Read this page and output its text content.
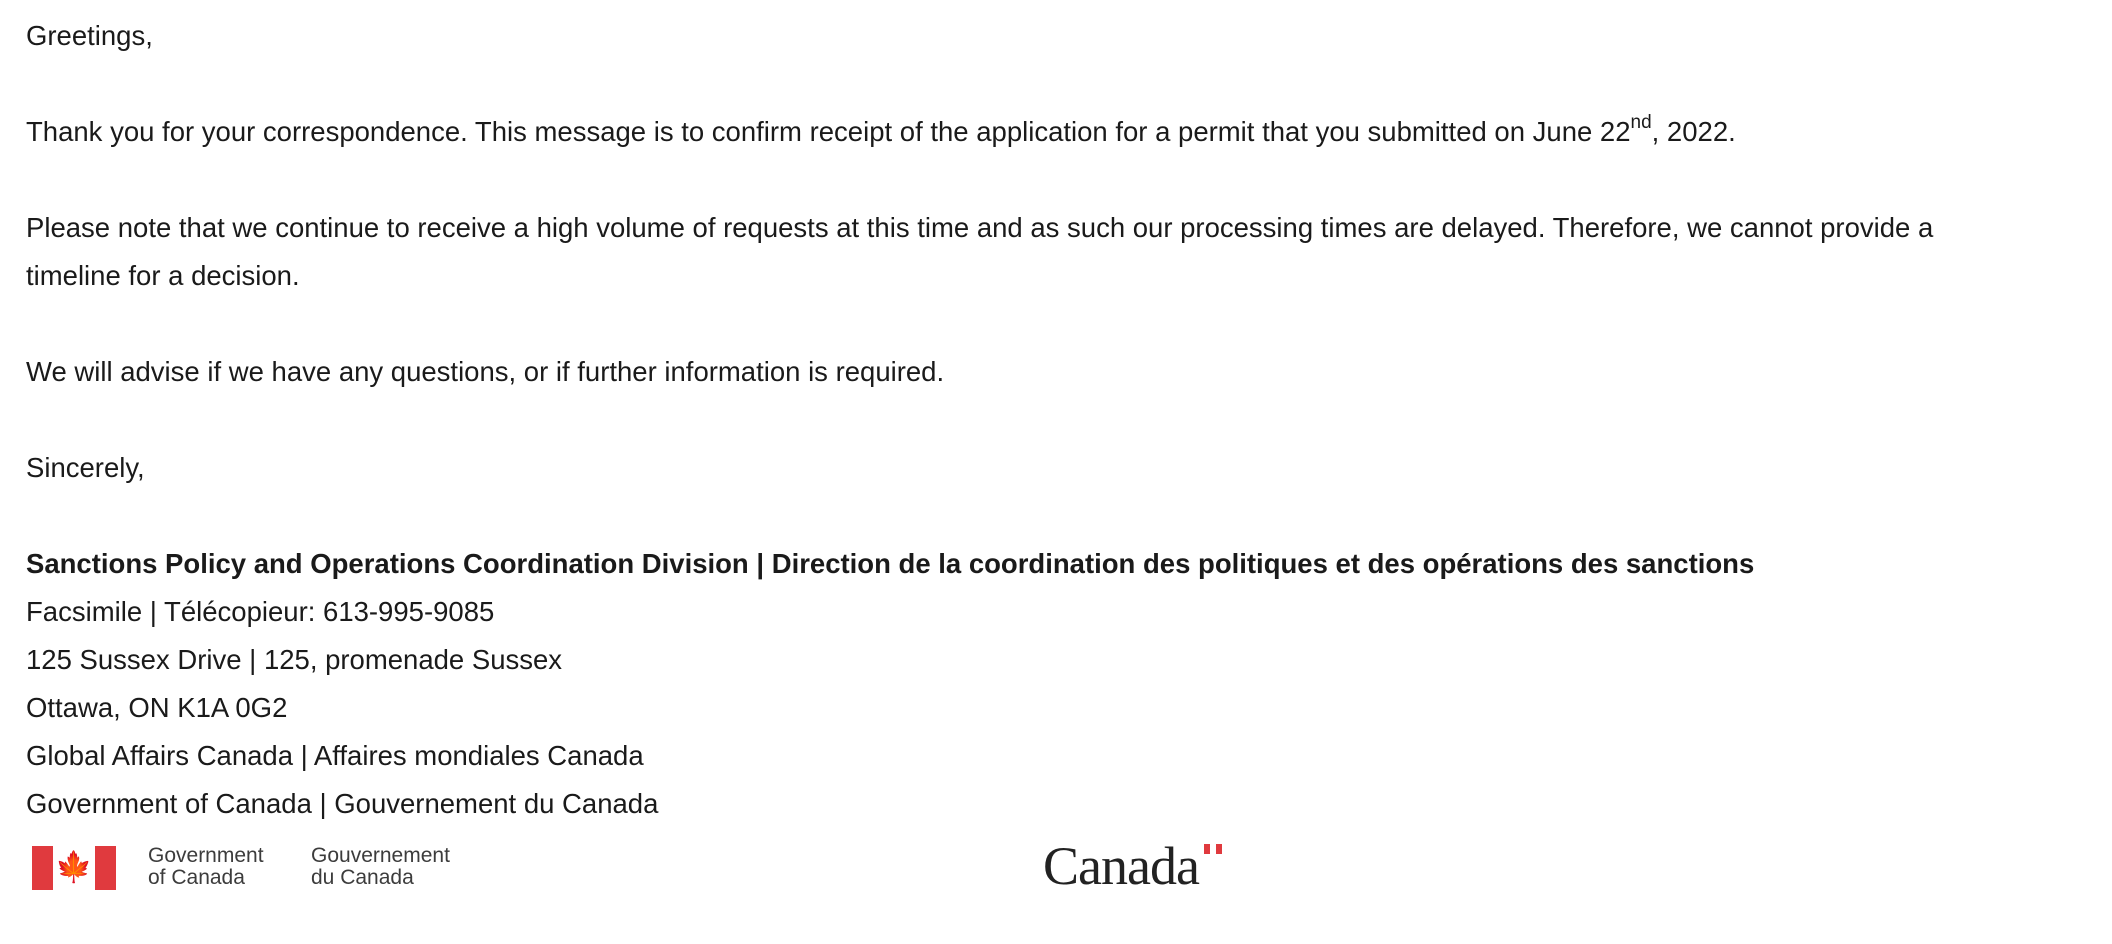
Greetings,
Thank you for your correspondence. This message is to confirm receipt of the application for a permit that you submitted on June 22nd, 2022.
Please note that we continue to receive a high volume of requests at this time and as such our processing times are delayed. Therefore, we cannot provide a
timeline for a decision.
We will advise if we have any questions, or if further information is required.
Sincerely,
Sanctions Policy and Operations Coordination Division | Direction de la coordination des politiques et des opérations des sanctions
Facsimile | Télécopieur: 613-995-9085
125 Sussex Drive | 125, promenade Sussex
Ottawa, ON K1A 0G2
Global Affairs Canada | Affaires mondiales Canada
Government of Canada | Gouvernement du Canada
🍁	Government
of Canada
Gouvernement
du Canada	Canada
